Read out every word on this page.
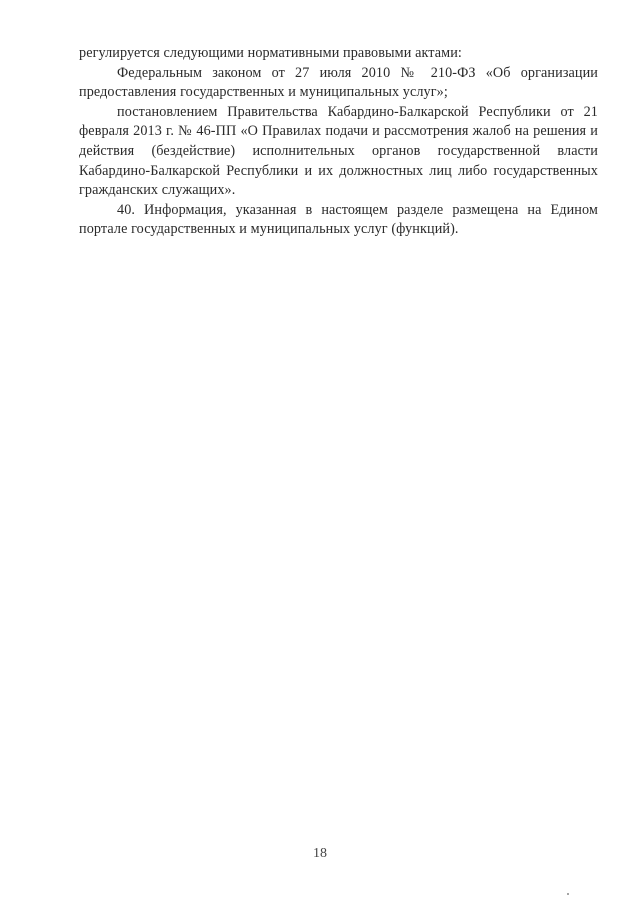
регулируется следующими нормативными правовыми актами:

Федеральным законом от 27 июля 2010 № 210-ФЗ «Об организации предоставления государственных и муниципальных услуг»;

постановлением Правительства Кабардино-Балкарской Республики от 21 февраля 2013 г. № 46-ПП «О Правилах подачи и рассмотрения жалоб на решения и действия (бездействие) исполнительных органов государственной власти Кабардино-Балкарской Республики и их должностных лиц либо государственных гражданских служащих».

40. Информация, указанная в настоящем разделе размещена на Едином портале государственных и муниципальных услуг (функций).

18
